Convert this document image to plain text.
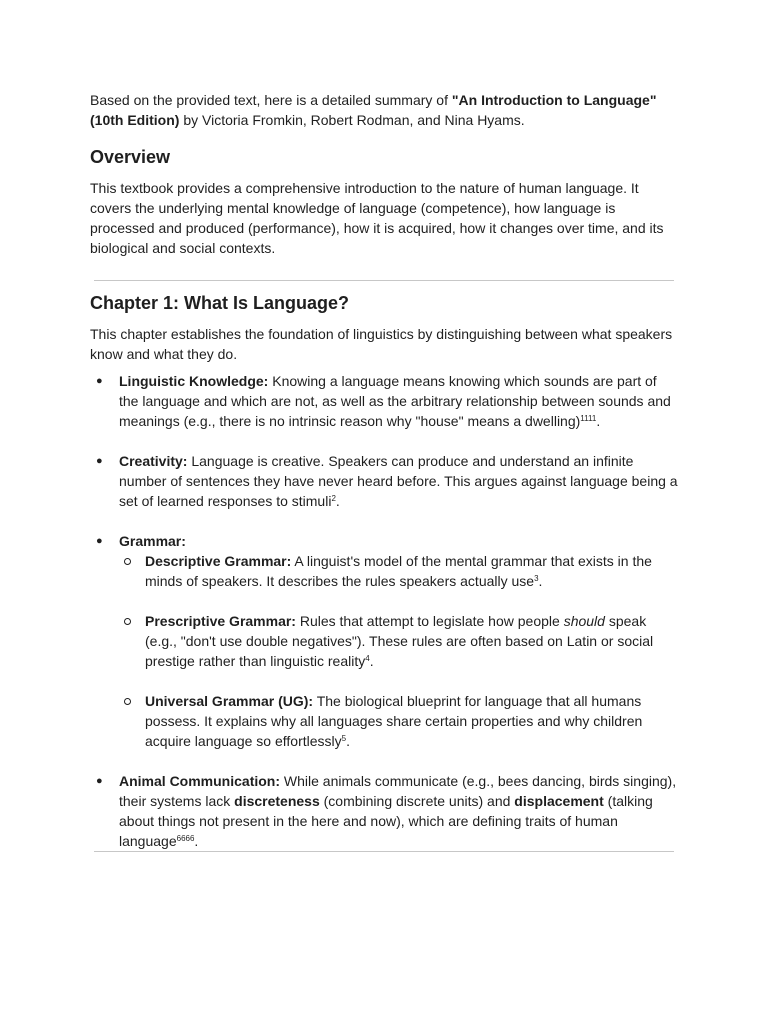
Based on the provided text, here is a detailed summary of "An Introduction to Language" (10th Edition) by Victoria Fromkin, Robert Rodman, and Nina Hyams.

Overview

This textbook provides a comprehensive introduction to the nature of human language. It covers the underlying mental knowledge of language (competence), how language is processed and produced (performance), how it is acquired, how it changes over time, and its biological and social contexts.

Chapter 1: What Is Language?

This chapter establishes the foundation of linguistics by distinguishing between what speakers know and what they do.

● Linguistic Knowledge: Knowing a language means knowing which sounds are part of the language and which are not, as well as the arbitrary relationship between sounds and meanings (e.g., there is no intrinsic reason why "house" means a dwelling)$^{1111}$.
● Creativity: Language is creative. Speakers can produce and understand an infinite number of sentences they have never heard before. This argues against language being a set of learned responses to stimuli$^2$.
● Grammar:
Descriptive Grammar: A linguist's model of the mental grammar that exists in the minds of speakers. It describes the rules speakers actually use$^3$.
Prescriptive Grammar: Rules that attempt to legislate how people should speak (e.g., "don't use double negatives"). These rules are often based on Latin or social prestige rather than linguistic reality$^4$.
Universal Grammar (UG): The biological blueprint for language that all humans possess. It explains why all languages share certain properties and why children acquire language so effortlessly$^5$.
● Animal Communication: While animals communicate (e.g., bees dancing, birds singing), their systems lack discreteness (combining discrete units) and displacement (talking about things not present in the here and now), which are defining traits of human language$^{6666}$.
